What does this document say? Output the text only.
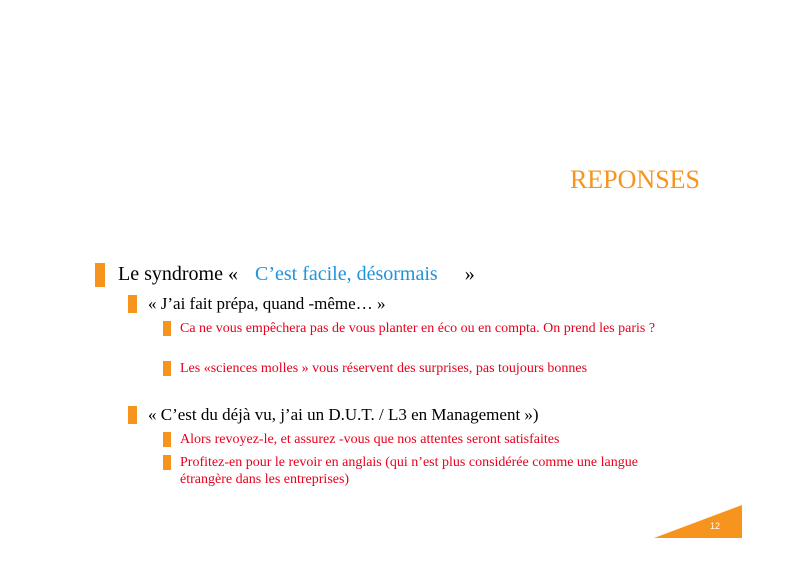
REPONSES
Le syndrome « C’est facile, désormais »
« J’ai fait prépa, quand -même… »
Ca ne vous empêchera pas de vous planter en éco ou en compta. On prend les paris ?
Les «sciences molles » vous réservent des surprises, pas toujours bonnes
« C’est du déjà vu, j’ai un D.U.T. / L3 en Management »)
Alors revoyez-le, et assurez -vous que nos attentes seront satisfaites
Profitez-en pour le revoir en anglais (qui n’est plus considérée comme une langue étrangère dans les entreprises)
12
